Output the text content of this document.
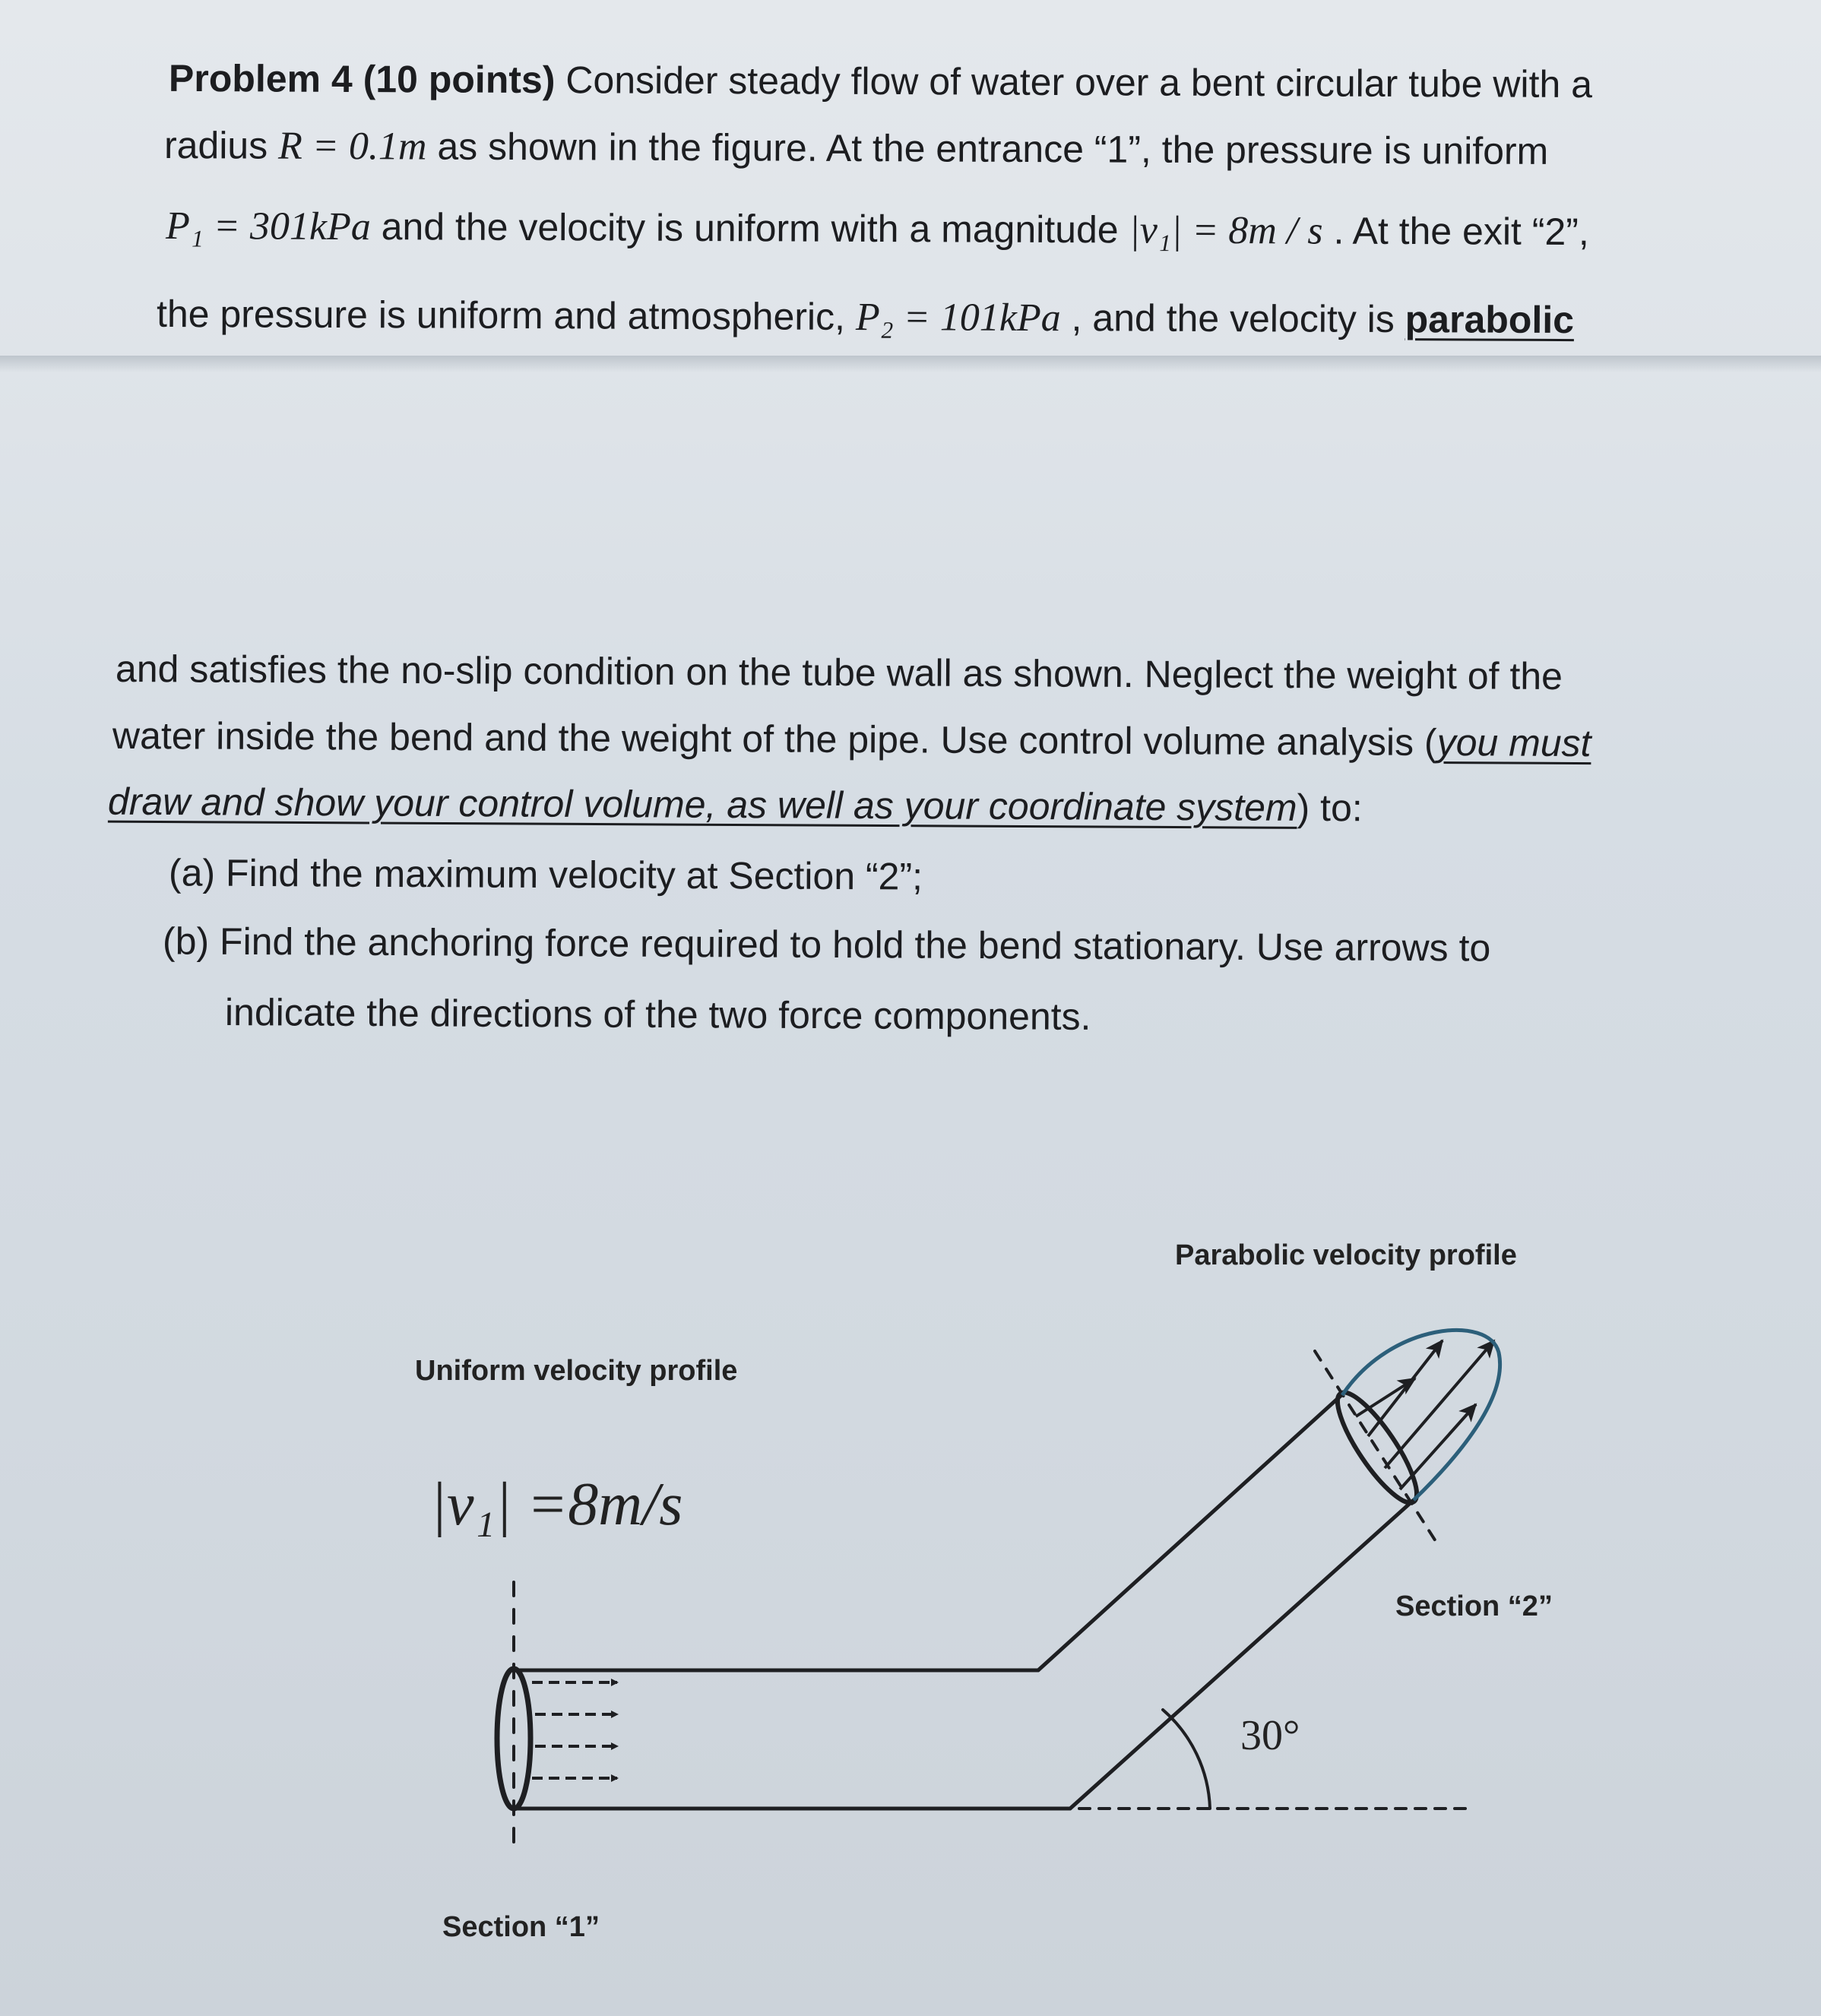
Problem 4 (10 points) Consider steady flow of water over a bent circular tube with a
radius R = 0.1m as shown in the figure. At the entrance “1”, the pressure is uniform
P₁ = 301kPa and the velocity is uniform with a magnitude |v₁| = 8m / s . At the exit “2”,
the pressure is uniform and atmospheric, P₂ = 101kPa , and the velocity is parabolic
and satisfies the no-slip condition on the tube wall as shown. Neglect the weight of the
water inside the bend and the weight of the pipe. Use control volume analysis (you must
draw and show your control volume, as well as your coordinate system) to:
(a) Find the maximum velocity at Section “2”;
(b) Find the anchoring force required to hold the bend stationary. Use arrows to
indicate the directions of the two force components.
Parabolic velocity profile
Uniform velocity profile
|v₁| =8m/s
Section “2”
Section “1”
30°
